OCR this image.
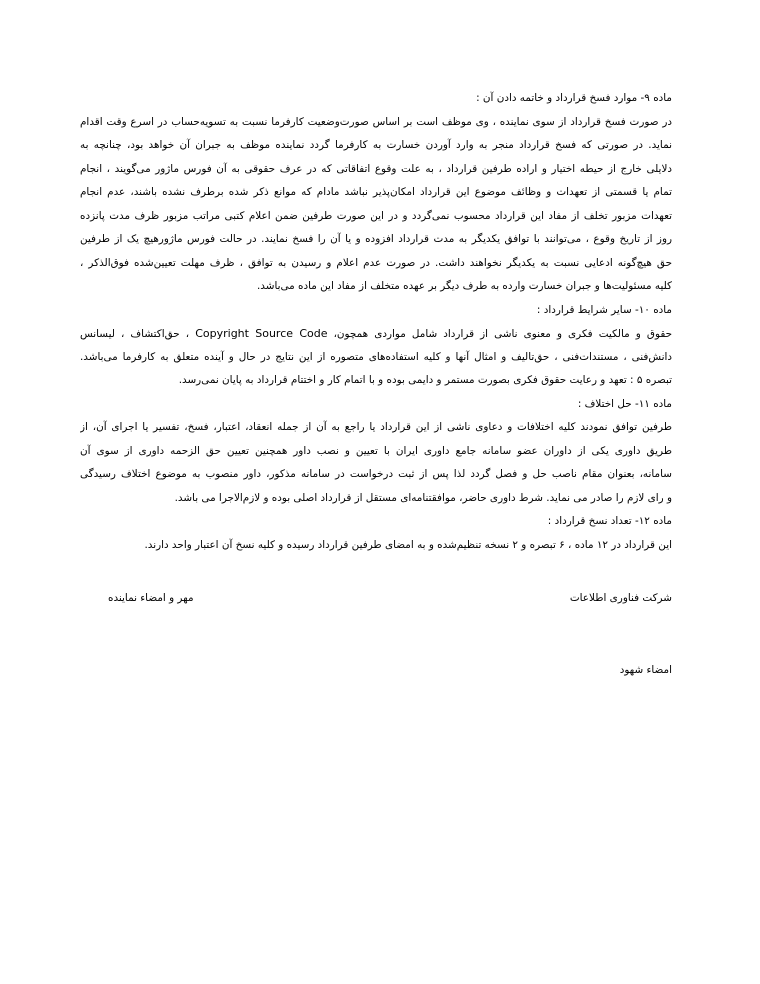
ماده ۹- موارد فسخ قرارداد و خاتمه دادن آن :
در صورت فسخ قرارداد از سوی نماینده ، وی موظف است بر اساس صورت‌وضعیت کارفرما نسبت به تسویه‌حساب در اسرع وقت اقدام
نماید. در صورتی که فسخ قرارداد منجر به وارد آوردن خسارت به کارفرما گردد نماینده موظف به جبران آن خواهد بود، چنانچه به
دلایلی خارج از حیطه اختیار و اراده طرفین قرارداد ، به علت وقوع اتفاقاتی که در عرف حقوقی به آن فورس ماژور می‌گویند ، انجام
تمام یا قسمتی از تعهدات و وظائف موضوع این قرارداد امکان‌پذیر نباشد مادام که موانع ذکر شده برطرف نشده باشند، عدم انجام
تعهدات مزبور تخلف از مفاد این قرارداد محسوب نمی‌گردد و در این صورت طرفین ضمن اعلام کتبی مراتب مزبور ظرف مدت پانزده
روز از تاریخ وقوع ، می‌توانند با توافق یکدیگر به مدت قرارداد افزوده و یا آن را فسخ نمایند. در حالت فورس ماژورهیچ یک از طرفین
حق هیچ‌گونه ادعایی نسبت به یکدیگر نخواهند داشت. در صورت عدم اعلام و رسیدن به توافق ، ظرف مهلت تعیین‌شده فوق‌الذکر ،
کلیه مسئولیت‌ها و جبران خسارت وارده به طرف دیگر بر عهده متخلف از مفاد این ماده می‌باشد.
ماده ۱۰- سایر شرایط قرارداد :
حقوق و مالکیت فکری و معنوی ناشی از قرارداد شامل مواردی همچون، Copyright Source Code ، حق‌اکتشاف ، لیسانس
دانش‌فنی ، مستندات‌فنی ، حق‌تالیف و امثال آنها و کلیه استفاده‌های متصوره از این نتایج در حال و آینده متعلق به کارفرما می‌باشد.
تبصره ۵ : تعهد و رعایت حقوق فکری بصورت مستمر و دایمی بوده و با اتمام کار و اختتام قرارداد به پایان نمی‌رسد.
ماده ۱۱- حل اختلاف :
طرفین توافق نمودند کلیه اختلافات و دعاوی ناشی از این قرارداد یا راجع به آن از جمله انعقاد، اعتبار، فسخ، تفسیر یا اجرای آن، از
طریق داوری یکی از داوران عضو سامانه جامع داوری ایران با تعیین و نصب داور همچنین تعیین حق الزحمه داوری از سوی آن
سامانه، بعنوان مقام ناصب حل و فصل گردد لذا پس از ثبت درخواست در سامانه مذکور، داور منصوب به موضوع اختلاف رسیدگی
و رای لازم را صادر می نماید. شرط داوری حاضر، موافقتنامه‌ای مستقل از قرارداد اصلی بوده و لازم‌الاجرا می باشد.
ماده ۱۲- تعداد نسخ قرارداد :
این قرارداد در ۱۲ ماده ، ۶ تبصره و ۲ نسخه تنظیم‌شده و به امضای طرفین قرارداد رسیده و کلیه نسخ آن اعتبار واحد دارند.
شرکت فناوری اطلاعات
مهر و امضاء نماینده
امضاء شهود
